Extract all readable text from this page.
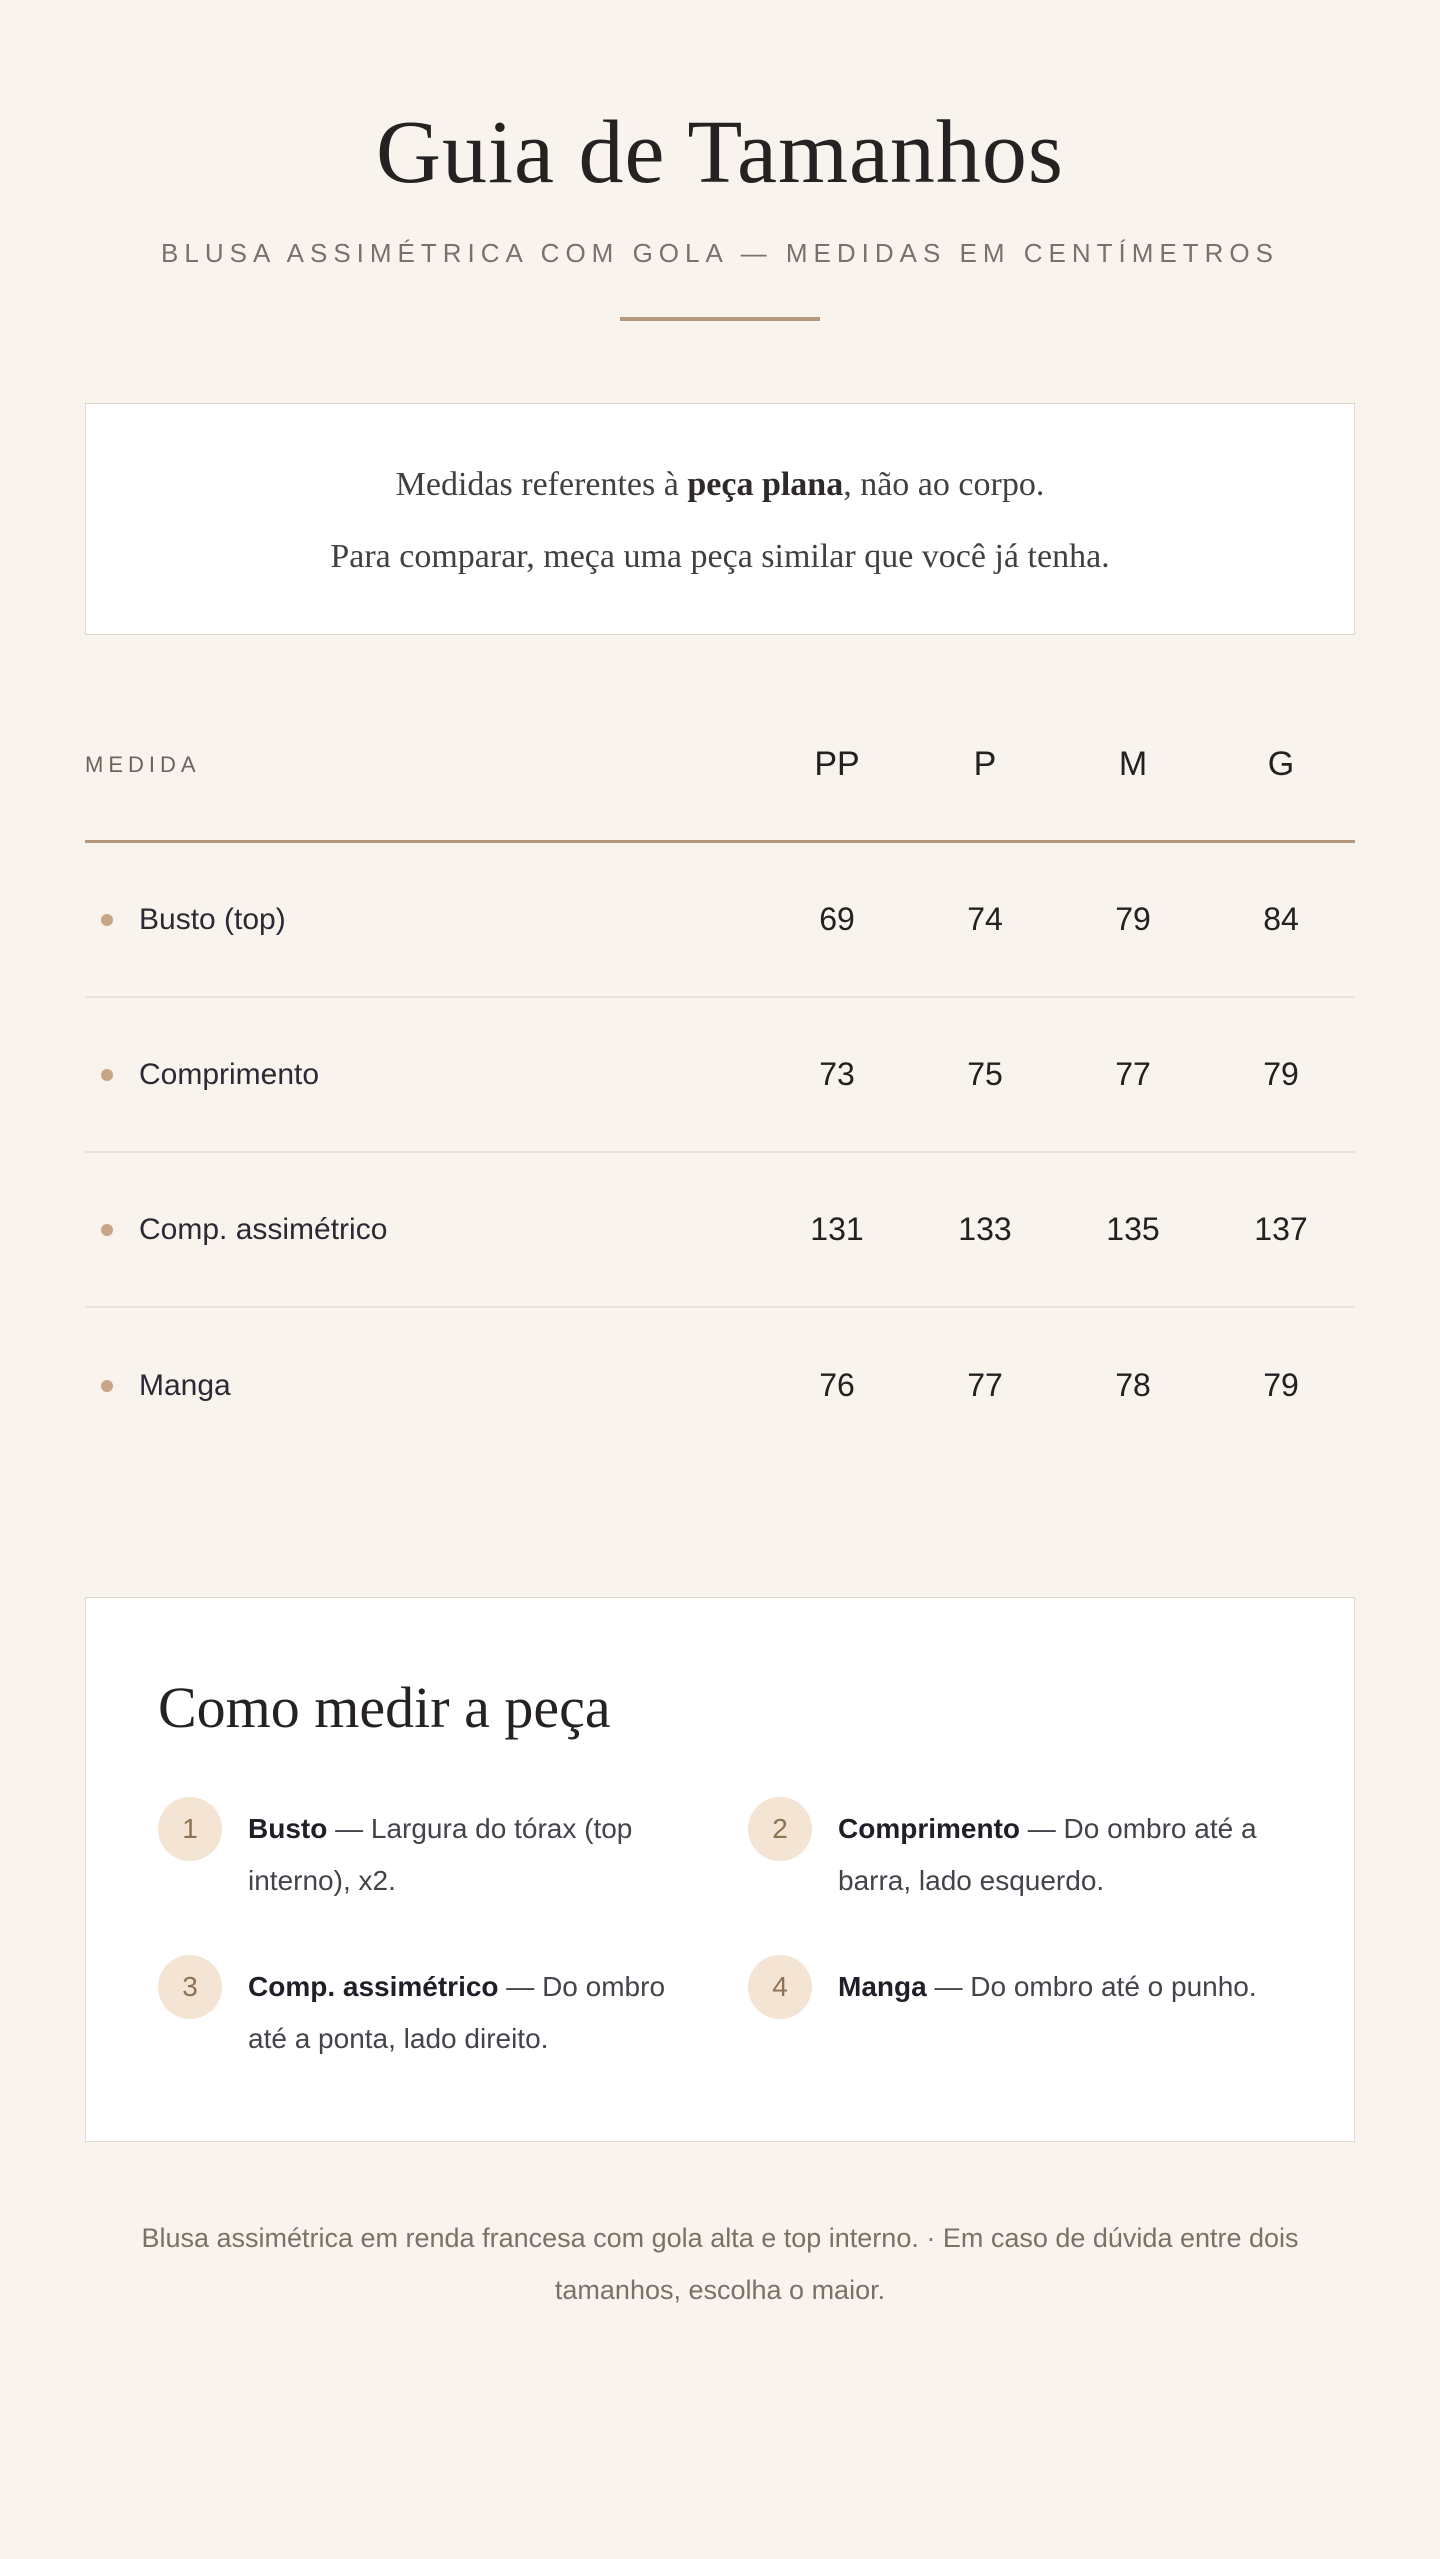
Guia de Tamanhos
BLUSA ASSIMÉTRICA COM GOLA — MEDIDAS EM CENTÍMETROS

Medidas referentes à peça plana, não ao corpo.

Para comparar, meça uma peça similar que você já tenha.

MEDIDA	PP	P	M	G
Busto (top)	69	74	79	84
Comprimento	73	75	77	79
Comp. assimétrico	131	133	135	137
Manga	76	77	78	79
Como medir a peça
1	Busto — Largura do tórax (top interno), x2.

2	Comprimento — Do ombro até a barra, lado esquerdo.

3	Comp. assimétrico — Do ombro até a ponta, lado direito.

4	Manga — Do ombro até o punho.

Blusa assimétrica em renda francesa com gola alta e top interno. · Em caso de dúvida entre dois tamanhos, escolha o maior.
